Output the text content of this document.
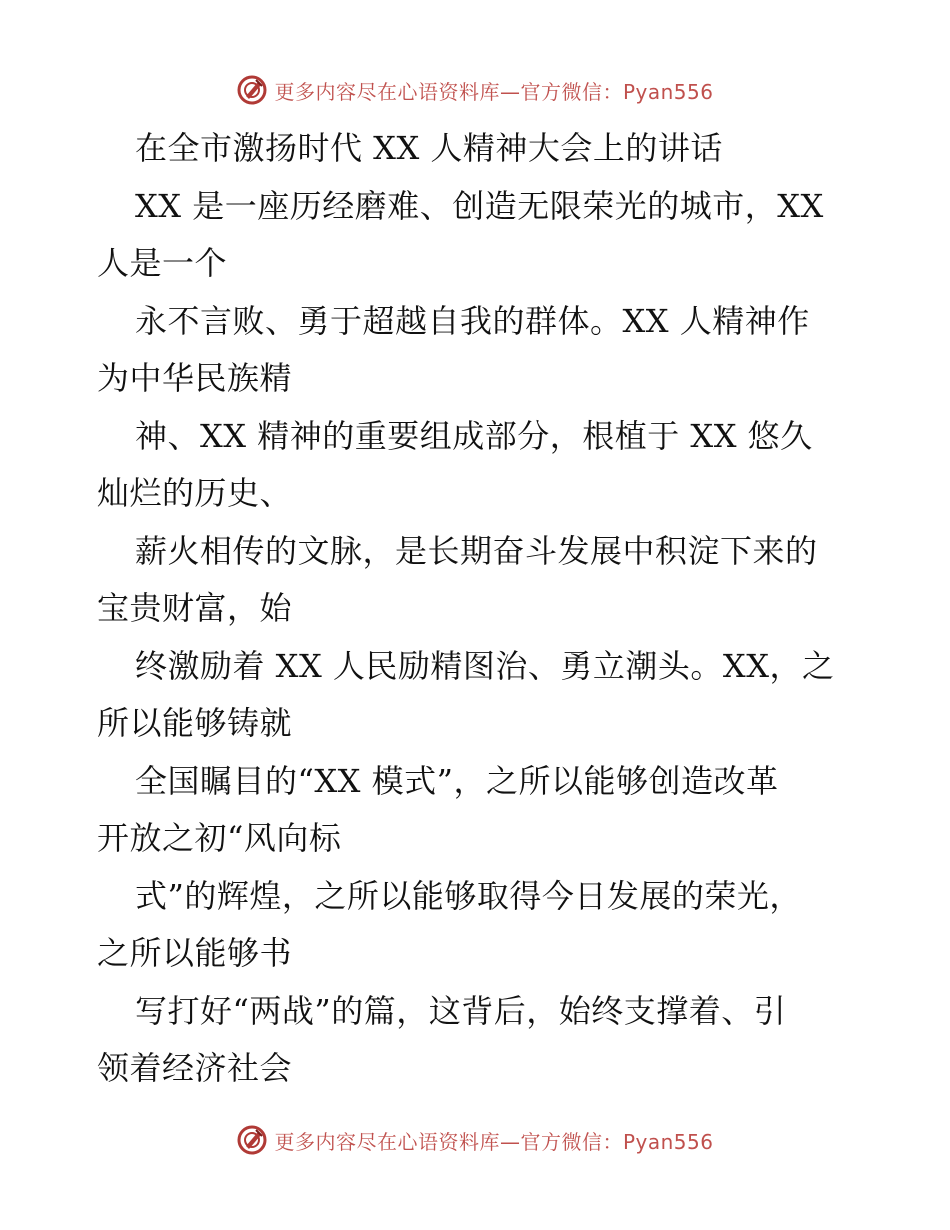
更多内容尽在心语资料库—官方微信：Pyan556
在全市激扬时代 XX 人精神大会上的讲话
XX 是一座历经磨难、创造无限荣光的城市，XX
人是一个
永不言败、勇于超越自我的群体。XX 人精神作
为中华民族精
神、XX 精神的重要组成部分，根植于 XX 悠久
灿烂的历史、
薪火相传的文脉，是长期奋斗发展中积淀下来的
宝贵财富，始
终激励着 XX 人民励精图治、勇立潮头。XX，之
所以能够铸就
全国瞩目的“XX 模式”，之所以能够创造改革
开放之初“风向标
式”的辉煌，之所以能够取得今日发展的荣光，
之所以能够书
写打好“两战”的篇，这背后，始终支撑着、引
领着经济社会
更多内容尽在心语资料库—官方微信：Pyan556
